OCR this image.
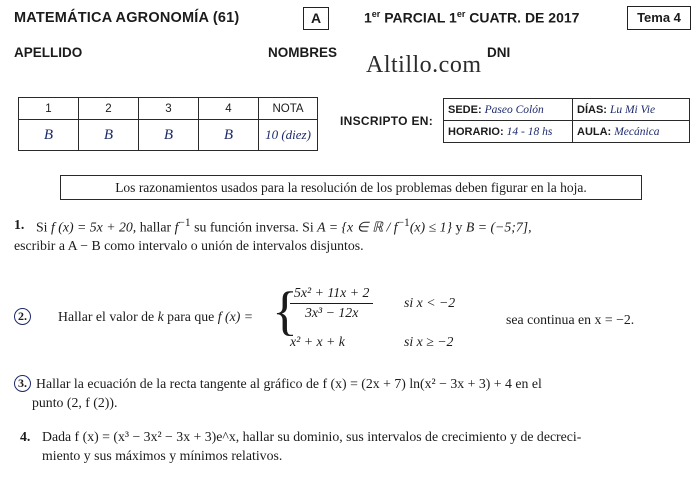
MATEMÁTICA AGRONOMÍA (61)	A	1er PARCIAL 1er CUATR. DE 2017	Tema 4
APELLIDO	NOMBRES	DNI
Altillo.com
1	2	3	4	NOTA
B	B	B	B	10 (diez)
INSCRIPTO EN:
SEDE: Paseo Colón	DÍAS: Lu Mi Vie
HORARIO: 14 - 18 hs	AULA: Mecánica
Los razonamientos usados para la resolución de los problemas deben figurar en la hoja.
1. Si f (x) = 5x + 20, hallar $f^{-1}$ su función inversa. Si A = {x ∈ ℝ / $f^{-1}(x) \le 1$} y B = (−5;7],
escribir a A − B como intervalo o unión de intervalos disjuntos.
2. Hallar el valor de k para que f (x) = {
$\frac{\text{5x² + 11x + 2}}{\text{3x³ − 12x}}$ si x < −2
x² + x + k	si x ≥ −2
sea continua en x = −2.
3. Hallar la ecuación de la recta tangente al gráfico de f (x) = (2x + 7) ln(x² − 3x + 3) + 4 en el
punto (2, f (2)).
4. Dada f (x) = (x³ − 3x² − 3x + 3)e^x, hallar su dominio, sus intervalos de crecimiento y de decreci-
miento y sus máximos y mínimos relativos.
